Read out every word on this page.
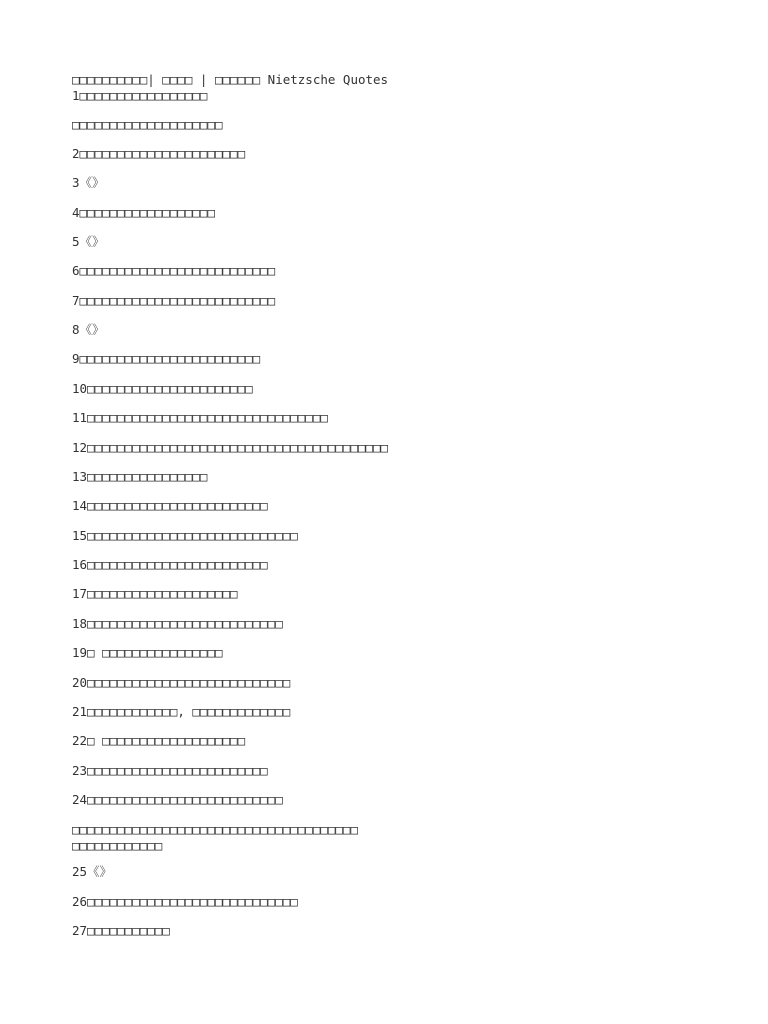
□□□□□□□□□□| □□□□ | □□□□□□ Nietzsche Quotes
1□□□□□□□□□□□□□□□□□
□□□□□□□□□□□□□□□□□□□□
2□□□□□□□□□□□□□□□□□□□□□□
3《》
4□□□□□□□□□□□□□□□□□□
5《》
6□□□□□□□□□□□□□□□□□□□□□□□□□□
7□□□□□□□□□□□□□□□□□□□□□□□□□□
8《》
9□□□□□□□□□□□□□□□□□□□□□□□□
10□□□□□□□□□□□□□□□□□□□□□□
11□□□□□□□□□□□□□□□□□□□□□□□□□□□□□□□□
12□□□□□□□□□□□□□□□□□□□□□□□□□□□□□□□□□□□□□□□□
13□□□□□□□□□□□□□□□□
14□□□□□□□□□□□□□□□□□□□□□□□□
15□□□□□□□□□□□□□□□□□□□□□□□□□□□□
16□□□□□□□□□□□□□□□□□□□□□□□□
17□□□□□□□□□□□□□□□□□□□□
18□□□□□□□□□□□□□□□□□□□□□□□□□□
19□ □□□□□□□□□□□□□□□□
20□□□□□□□□□□□□□□□□□□□□□□□□□□□
21□□□□□□□□□□□□, □□□□□□□□□□□□□
22□ □□□□□□□□□□□□□□□□□□□
23□□□□□□□□□□□□□□□□□□□□□□□□
24□□□□□□□□□□□□□□□□□□□□□□□□□□
□□□□□□□□□□□□□□□□□□□□□□□□□□□□□□□□□□□□□□
□□□□□□□□□□□□
25《》
26□□□□□□□□□□□□□□□□□□□□□□□□□□□□
27□□□□□□□□□□□
